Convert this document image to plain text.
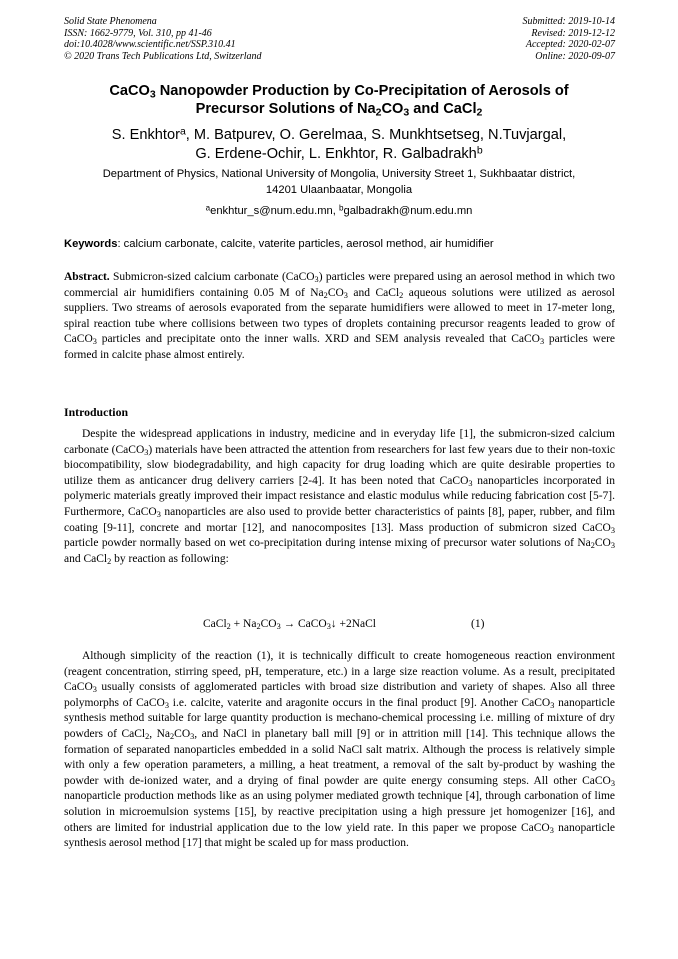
Solid State Phenomena
ISSN: 1662-9779, Vol. 310, pp 41-46
doi:10.4028/www.scientific.net/SSP.310.41
© 2020 Trans Tech Publications Ltd, Switzerland
Submitted: 2019-10-14
Revised: 2019-12-12
Accepted: 2020-02-07
Online: 2020-09-07
CaCO$_3$ Nanopowder Production by Co-Precipitation of Aerosols of
Precursor Solutions of $Na_2CO_3$ and CaCl$_2$
S. Enkhtor$^a$, M. Batpurev, O. Gerelmaa, S. Munkhtsetseg, N.Tuvjargal,
G. Erdene-Ochir, L. Enkhtor, R. Galbadrakh$^b$
Department of Physics, National University of Mongolia, University Street 1, Sukhbaatar district,
14201 Ulaanbaatar, Mongolia
$^a$enkhtur_s@num.edu.mn, $^b$galbadrakh@num.edu.mn
Keywords: calcium carbonate, calcite, vaterite particles, aerosol method, air humidifier
Abstract. Submicron-sized calcium carbonate (CaCO$_3$) particles were prepared using an aerosol method in which two commercial air humidifiers containing 0.05 M of $Na_2CO_3$ and CaCl$_2$ aqueous solutions were utilized as aerosol suppliers. Two streams of aerosols evaporated from the separate humidifiers were allowed to meet in 17-meter long, spiral reaction tube where collisions between two types of droplets containing precursor reagents leaded to grow of CaCO$_3$ particles and precipitate onto the inner walls. XRD and SEM analysis revealed that CaCO$_3$ particles were formed in calcite phase almost entirely.
Introduction
Despite the widespread applications in industry, medicine and in everyday life [1], the submicron-sized calcium carbonate (CaCO$_3$) materials have been attracted the attention from researchers for last few years due to their non-toxic biocompatibility, slow biodegradability, and high capacity for drug loading which are quite desirable properties to utilize them as anticancer drug delivery carriers [2-4]. It has been noted that CaCO$_3$ nanoparticles incorporated in polymeric materials greatly improved their impact resistance and elastic modulus while reducing fabrication cost [5-7]. Furthermore, CaCO$_3$ nanoparticles are also used to provide better characteristics of paints [8], paper, rubber, and film coating [9-11], concrete and mortar [12], and nanocomposites [13]. Mass production of submicron sized CaCO$_3$ particle powder normally based on wet co-precipitation during intense mixing of precursor water solutions of $Na_2CO_3$ and CaCl$_2$ by reaction as following:
CaCl$_2$ + $Na_2CO_3$ → CaCO$_3$↓ +2NaCl	(1)
Although simplicity of the reaction (1), it is technically difficult to create homogeneous reaction environment (reagent concentration, stirring speed, pH, temperature, etc.) in a large size reaction volume. As a result, precipitated CaCO$_3$ usually consists of agglomerated particles with broad size distribution and variety of shapes. Also all three polymorphs of CaCO$_3$ i.e. calcite, vaterite and aragonite occurs in the final product [9]. Another CaCO$_3$ nanoparticle synthesis method suitable for large quantity production is mechano-chemical processing i.e. milling of mixture of dry powders of CaCl$_2$, $Na_2CO_3$, and NaCl in planetary ball mill [9] or in attrition mill [14]. This technique allows the formation of separated nanoparticles embedded in a solid NaCl salt matrix. Although the process is relatively simple with only a few operation parameters, a milling, a heat treatment, a removal of the salt by-product by washing the powder with de-ionized water, and a drying of final powder are quite energy consuming steps. All other CaCO$_3$ nanoparticle production methods like as an using polymer mediated growth technique [4], through carbonation of lime solution in microemulsion systems [15], by reactive precipitation using a high pressure jet homogenizer [16], and others are limited for industrial application due to the low yield rate. In this paper we propose CaCO$_3$ nanoparticle synthesis aerosol method [17] that might be scaled up for mass production.
